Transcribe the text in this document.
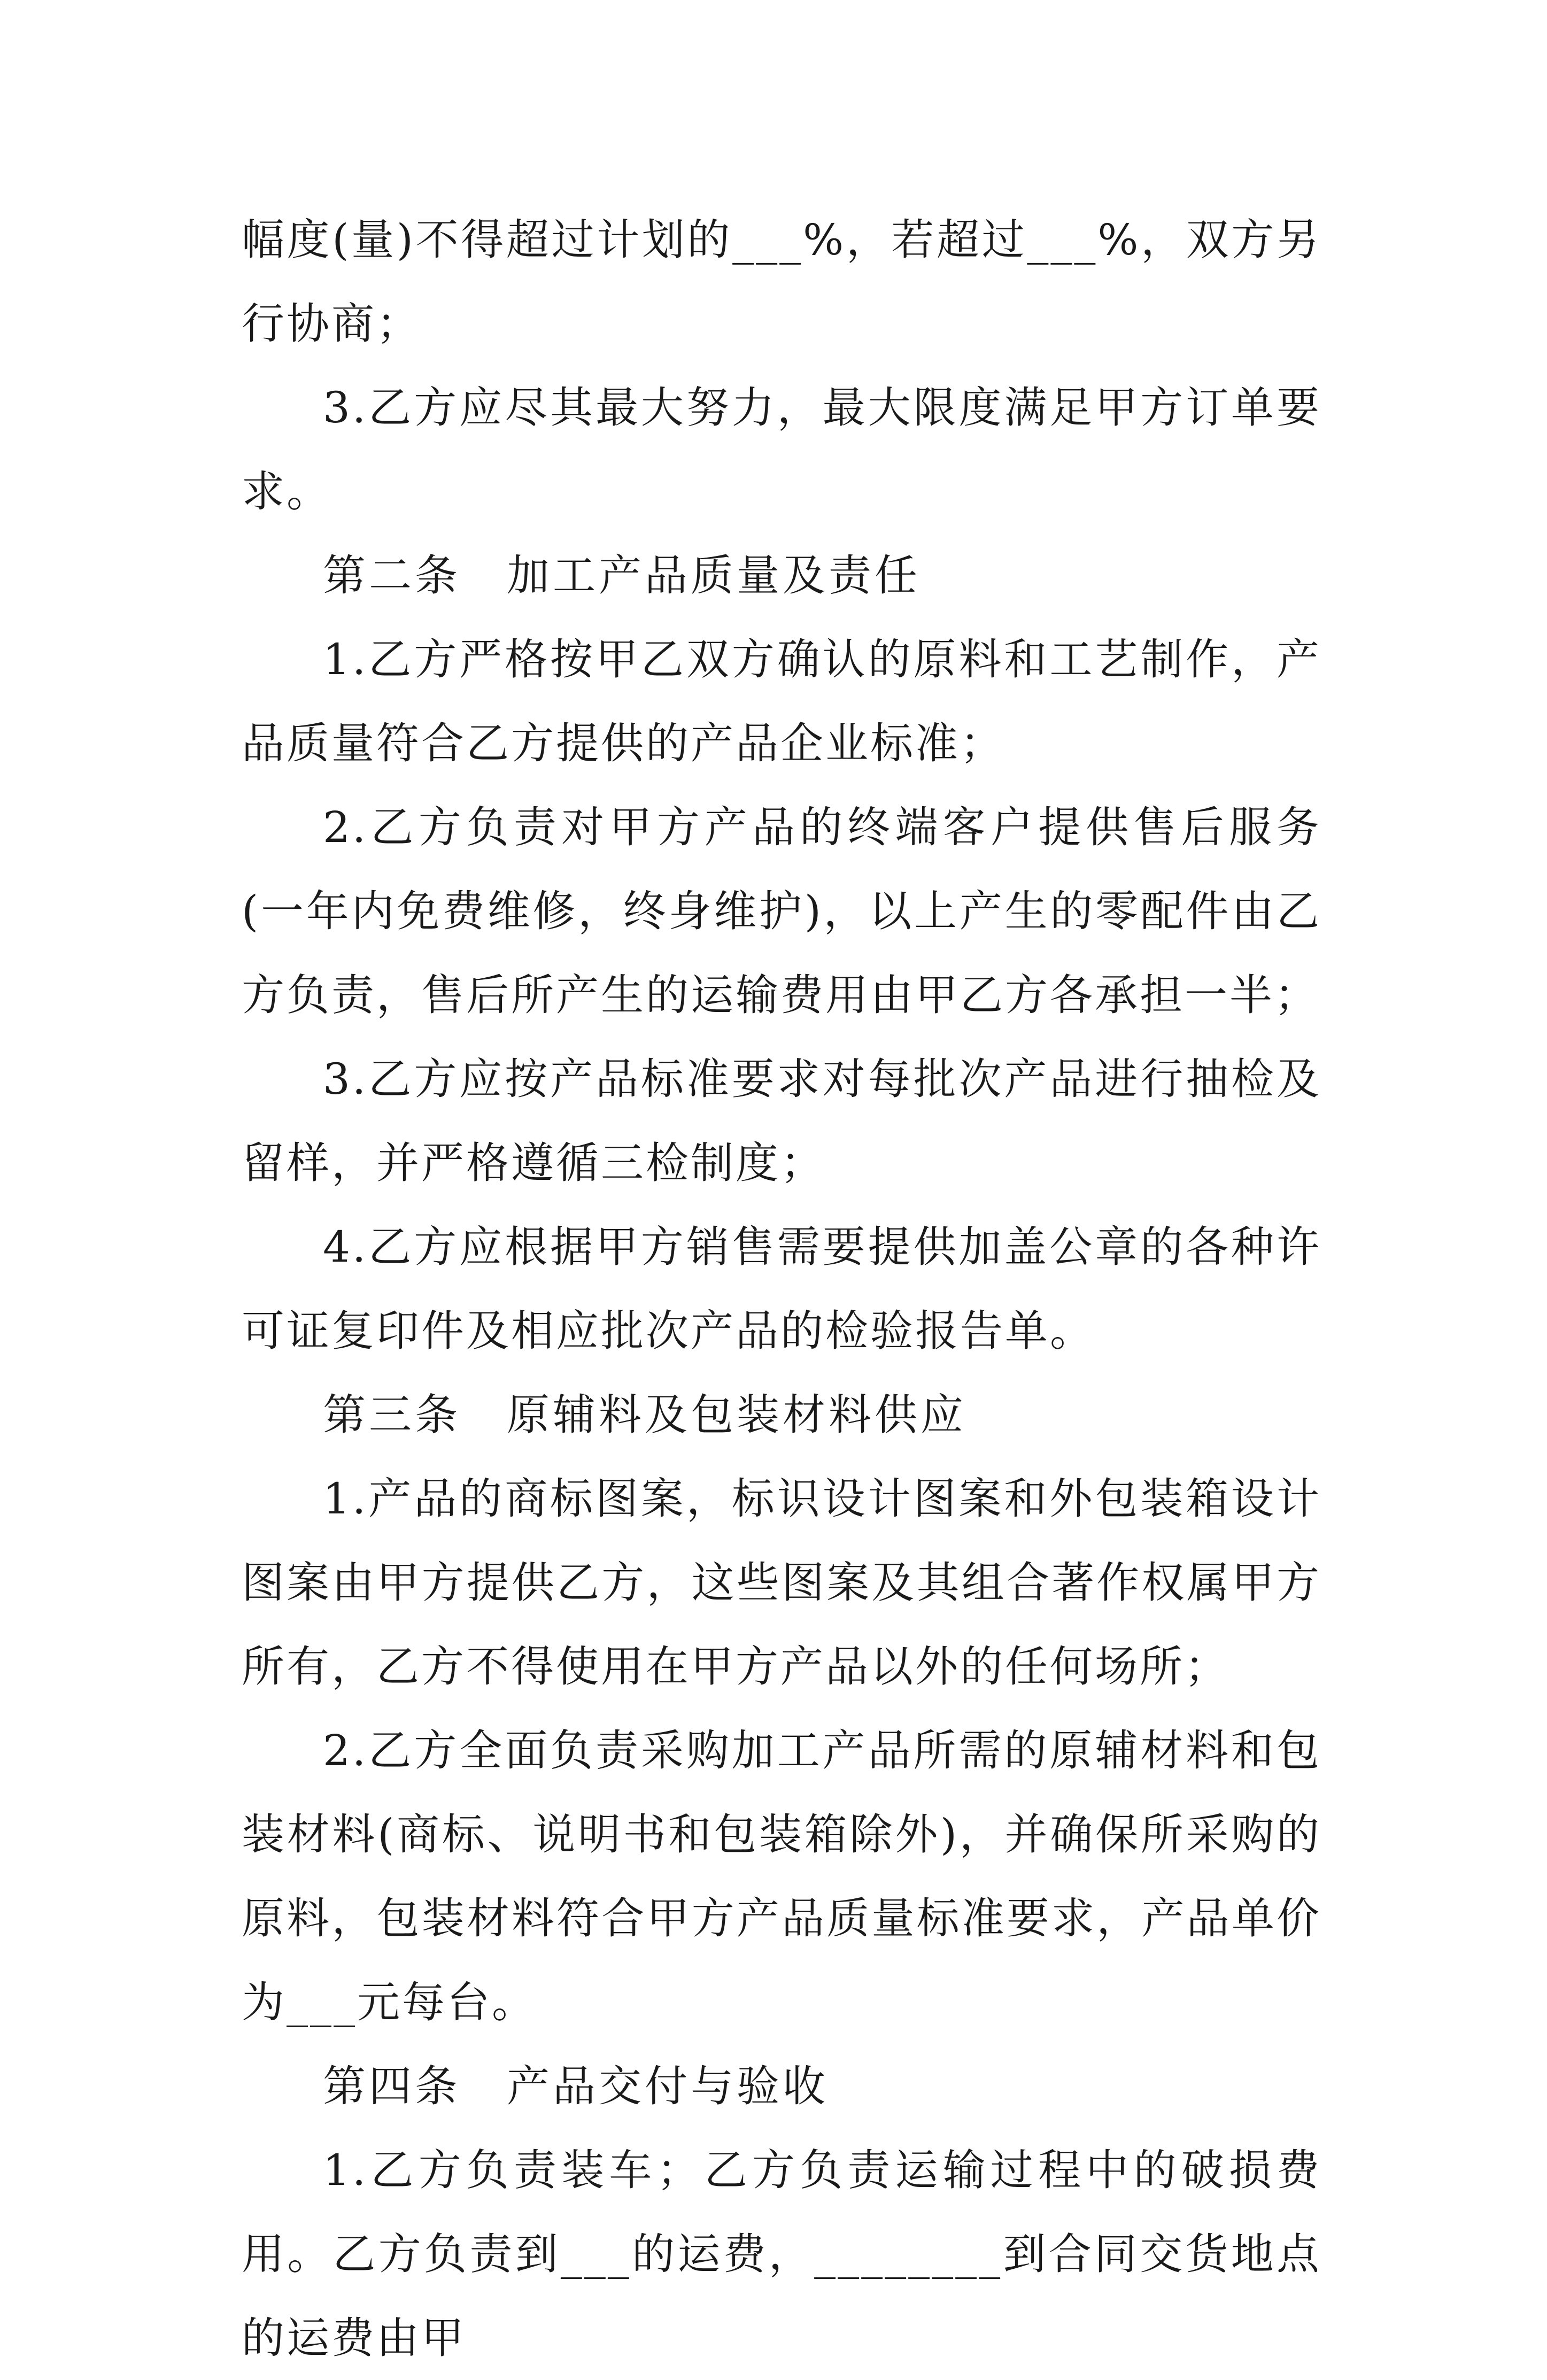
幅度(量)不得超过计划的___%，若超过___%，双方另行协商；

3.乙方应尽其最大努力，最大限度满足甲方订单要求。

第二条　加工产品质量及责任

1.乙方严格按甲乙双方确认的原料和工艺制作，产品质量符合乙方提供的产品企业标准；

2.乙方负责对甲方产品的终端客户提供售后服务(一年内免费维修，终身维护)，以上产生的零配件由乙方负责，售后所产生的运输费用由甲乙方各承担一半；

3.乙方应按产品标准要求对每批次产品进行抽检及留样，并严格遵循三检制度；

4.乙方应根据甲方销售需要提供加盖公章的各种许可证复印件及相应批次产品的检验报告单。

第三条　原辅料及包装材料供应

1.产品的商标图案，标识设计图案和外包装箱设计图案由甲方提供乙方，这些图案及其组合著作权属甲方所有，乙方不得使用在甲方产品以外的任何场所；

2.乙方全面负责采购加工产品所需的原辅材料和包装材料(商标、说明书和包装箱除外)，并确保所采购的原料，包装材料符合甲方产品质量标准要求，产品单价为___元每台。

第四条　产品交付与验收

1.乙方负责装车；乙方负责运输过程中的破损费用。乙方负责到___的运费，________到合同交货地点的运费由甲
